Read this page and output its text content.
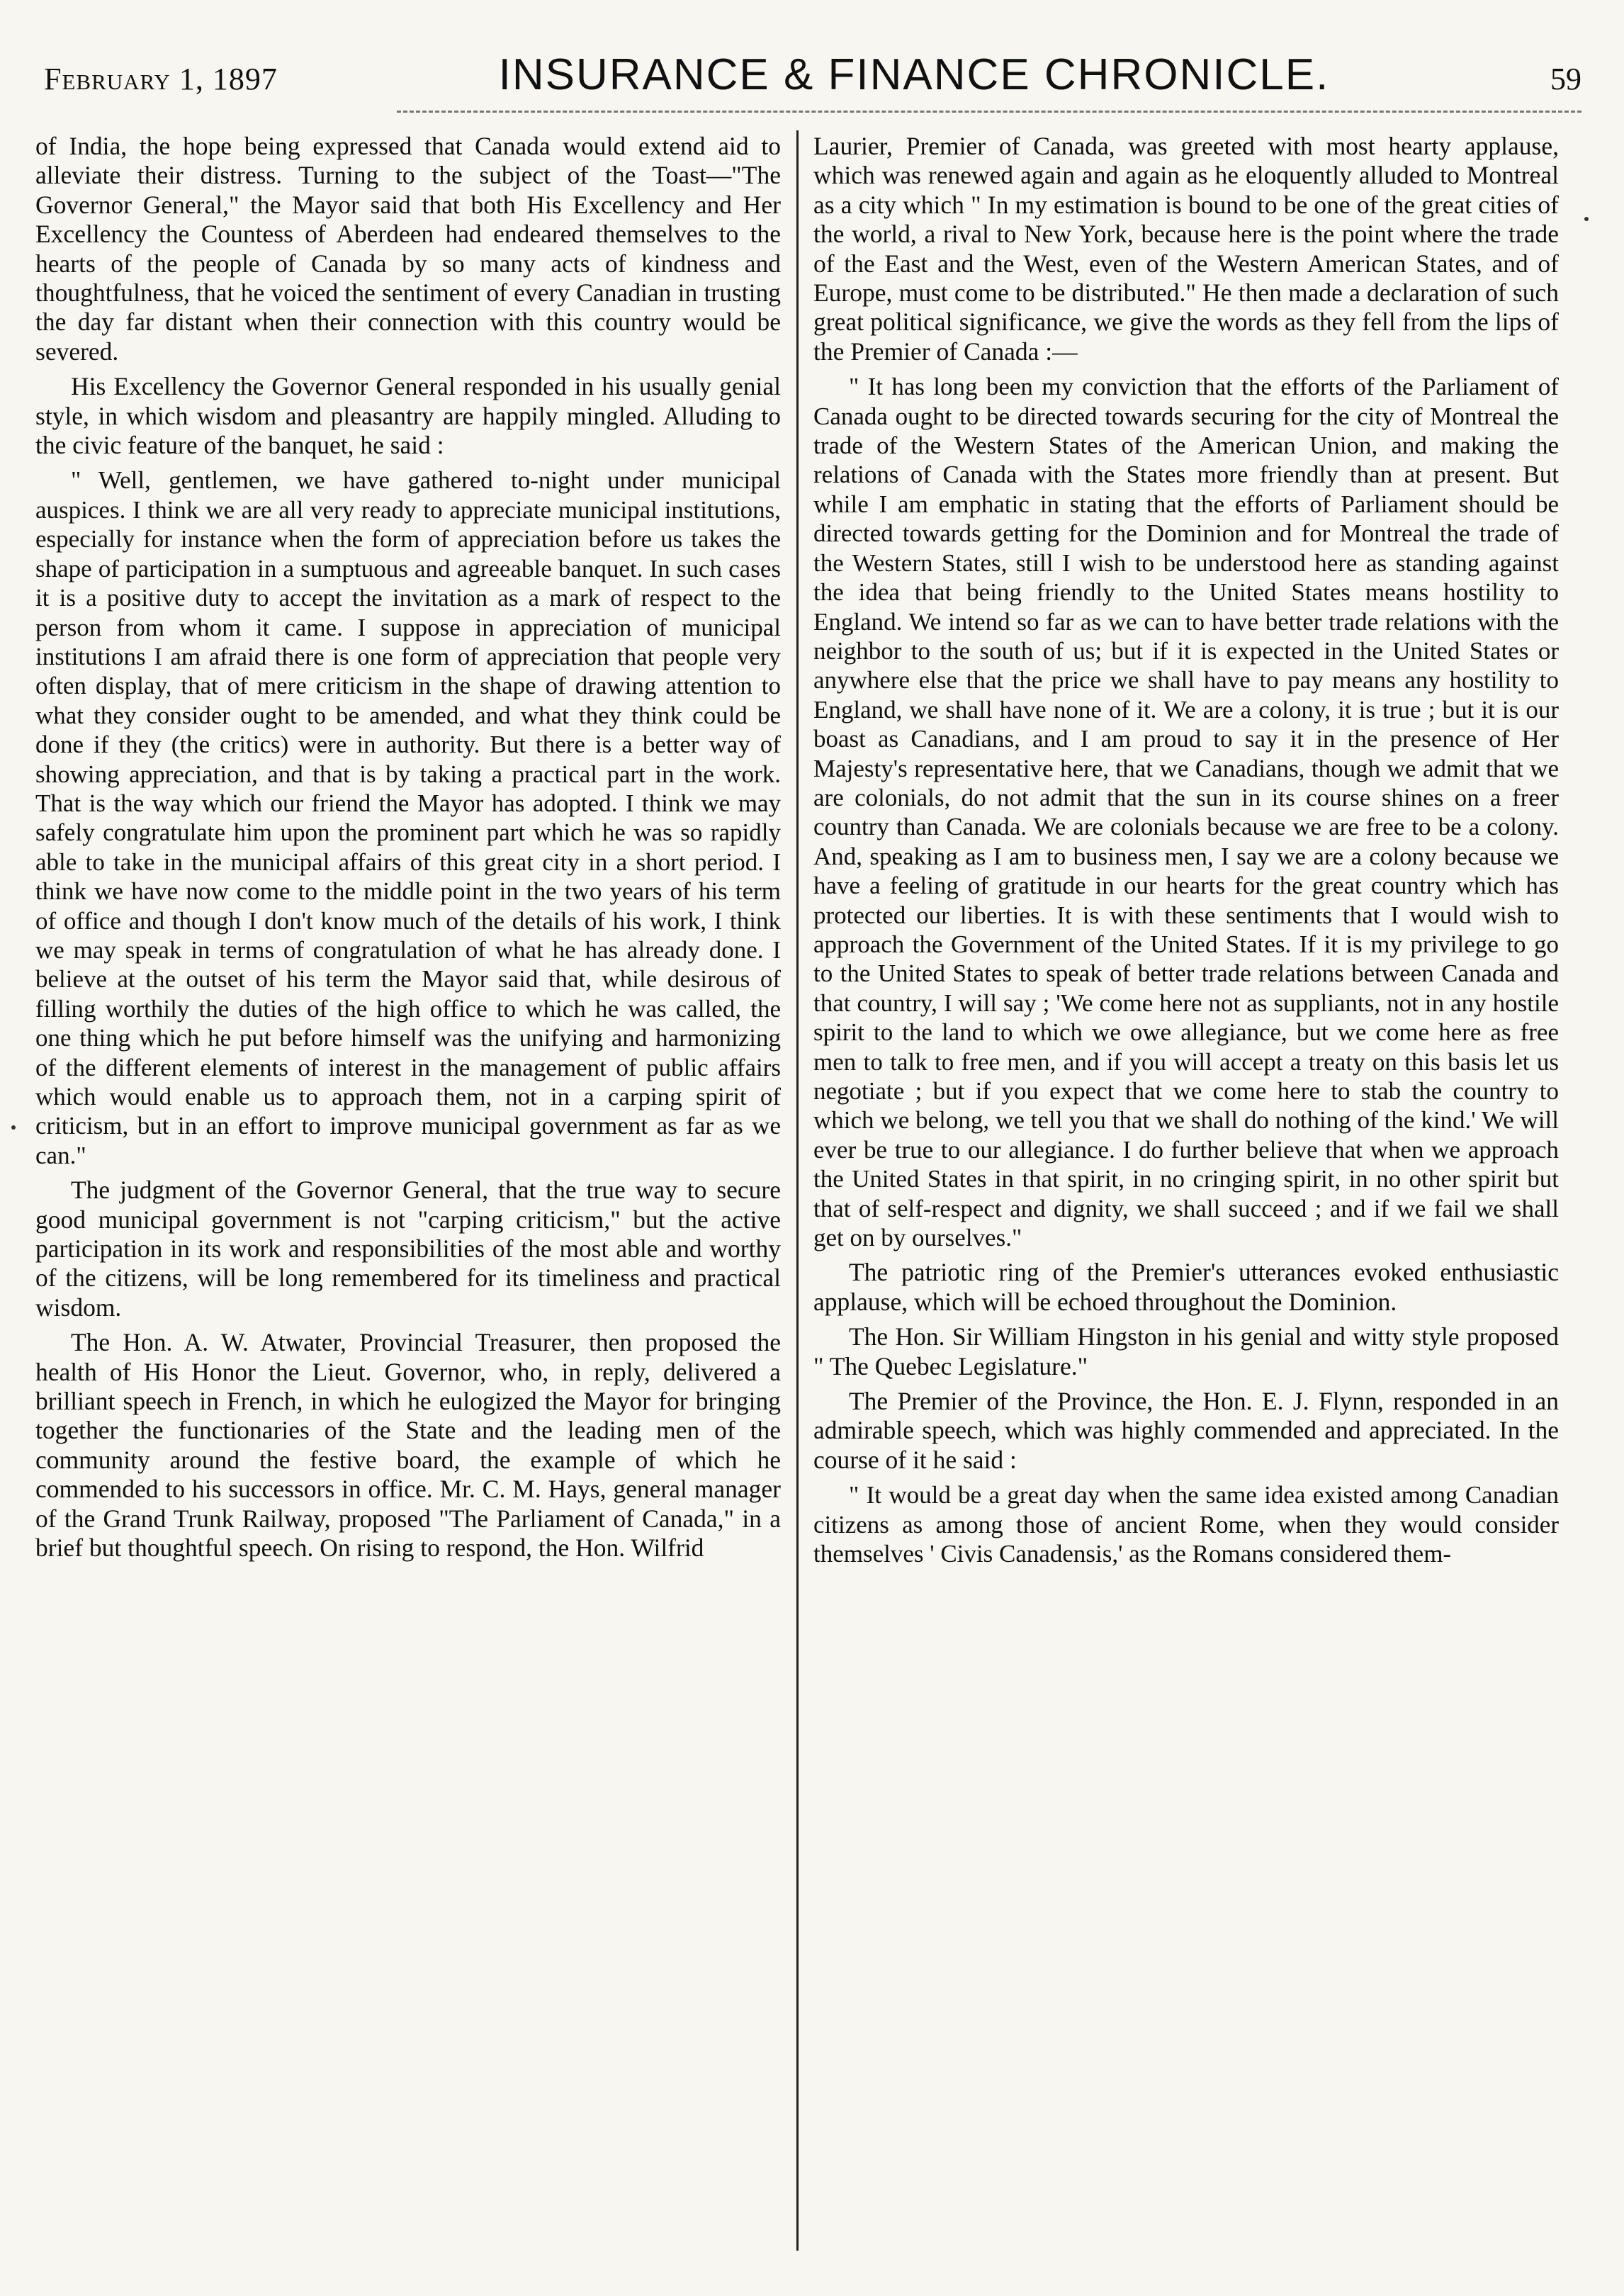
February 1, 1897	INSURANCE & FINANCE CHRONICLE.	59

of India, the hope being expressed that Canada would extend aid to alleviate their distress. Turning to the subject of the Toast—"The Governor General," the Mayor said that both His Excellency and Her Excellency the Countess of Aberdeen had endeared themselves to the hearts of the people of Canada by so many acts of kindness and thoughtfulness, that he voiced the sentiment of every Canadian in trusting the day far distant when their connection with this country would be severed.

His Excellency the Governor General responded in his usually genial style, in which wisdom and pleasantry are happily mingled. Alluding to the civic feature of the banquet, he said :

" Well, gentlemen, we have gathered to-night under municipal auspices. I think we are all very ready to appreciate municipal institutions, especially for instance when the form of appreciation before us takes the shape of participation in a sumptuous and agreeable banquet. In such cases it is a positive duty to accept the invitation as a mark of respect to the person from whom it came. I suppose in appreciation of municipal institutions I am afraid there is one form of appreciation that people very often display, that of mere criticism in the shape of drawing attention to what they consider ought to be amended, and what they think could be done if they (the critics) were in authority. But there is a better way of showing appreciation, and that is by taking a practical part in the work. That is the way which our friend the Mayor has adopted. I think we may safely congratulate him upon the prominent part which he was so rapidly able to take in the municipal affairs of this great city in a short period. I think we have now come to the middle point in the two years of his term of office and though I don't know much of the details of his work, I think we may speak in terms of congratulation of what he has already done. I believe at the outset of his term the Mayor said that, while desirous of filling worthily the duties of the high office to which he was called, the one thing which he put before himself was the unifying and harmonizing of the different elements of interest in the management of public affairs which would enable us to approach them, not in a carping spirit of criticism, but in an effort to improve municipal government as far as we can."

The judgment of the Governor General, that the true way to secure good municipal government is not "carping criticism," but the active participation in its work and responsibilities of the most able and worthy of the citizens, will be long remembered for its timeliness and practical wisdom.

The Hon. A. W. Atwater, Provincial Treasurer, then proposed the health of His Honor the Lieut. Governor, who, in reply, delivered a brilliant speech in French, in which he eulogized the Mayor for bringing together the functionaries of the State and the leading men of the community around the festive board, the example of which he commended to his successors in office. Mr. C. M. Hays, general manager of the Grand Trunk Railway, proposed "The Parliament of Canada," in a brief but thoughtful speech. On rising to respond, the Hon. Wilfrid

Laurier, Premier of Canada, was greeted with most hearty applause, which was renewed again and again as he eloquently alluded to Montreal as a city which " In my estimation is bound to be one of the great cities of the world, a rival to New York, because here is the point where the trade of the East and the West, even of the Western American States, and of Europe, must come to be distributed." He then made a declaration of such great political significance, we give the words as they fell from the lips of the Premier of Canada :—

" It has long been my conviction that the efforts of the Parliament of Canada ought to be directed towards securing for the city of Montreal the trade of the Western States of the American Union, and making the relations of Canada with the States more friendly than at present. But while I am emphatic in stating that the efforts of Parliament should be directed towards getting for the Dominion and for Montreal the trade of the Western States, still I wish to be understood here as standing against the idea that being friendly to the United States means hostility to England. We intend so far as we can to have better trade relations with the neighbor to the south of us; but if it is expected in the United States or anywhere else that the price we shall have to pay means any hostility to England, we shall have none of it. We are a colony, it is true ; but it is our boast as Canadians, and I am proud to say it in the presence of Her Majesty's representative here, that we Canadians, though we admit that we are colonials, do not admit that the sun in its course shines on a freer country than Canada. We are colonials because we are free to be a colony. And, speaking as I am to business men, I say we are a colony because we have a feeling of gratitude in our hearts for the great country which has protected our liberties. It is with these sentiments that I would wish to approach the Government of the United States. If it is my privilege to go to the United States to speak of better trade relations between Canada and that country, I will say ; 'We come here not as suppliants, not in any hostile spirit to the land to which we owe allegiance, but we come here as free men to talk to free men, and if you will accept a treaty on this basis let us negotiate ; but if you expect that we come here to stab the country to which we belong, we tell you that we shall do nothing of the kind.' We will ever be true to our allegiance. I do further believe that when we approach the United States in that spirit, in no cringing spirit, in no other spirit but that of self-respect and dignity, we shall succeed ; and if we fail we shall get on by ourselves."

The patriotic ring of the Premier's utterances evoked enthusiastic applause, which will be echoed throughout the Dominion.

The Hon. Sir William Hingston in his genial and witty style proposed " The Quebec Legislature."

The Premier of the Province, the Hon. E. J. Flynn, responded in an admirable speech, which was highly commended and appreciated. In the course of it he said :

" It would be a great day when the same idea existed among Canadian citizens as among those of ancient Rome, when they would consider themselves ' Civis Canadensis,' as the Romans considered them-
